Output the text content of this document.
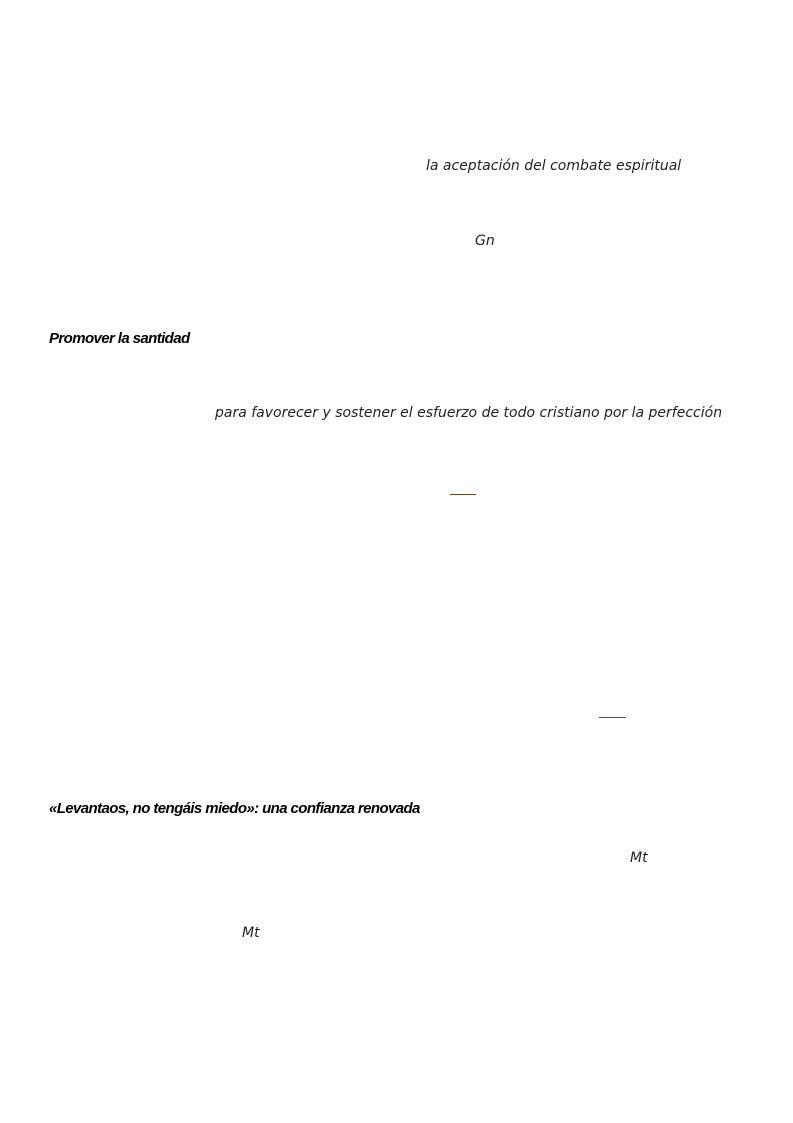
la aceptación del combate espiritual
Gn
Promover la santidad
para favorecer y sostener el esfuerzo de todo cristiano por la perfección
«Levantaos, no tengáis miedo»: una confianza renovada
Mt
Mt
